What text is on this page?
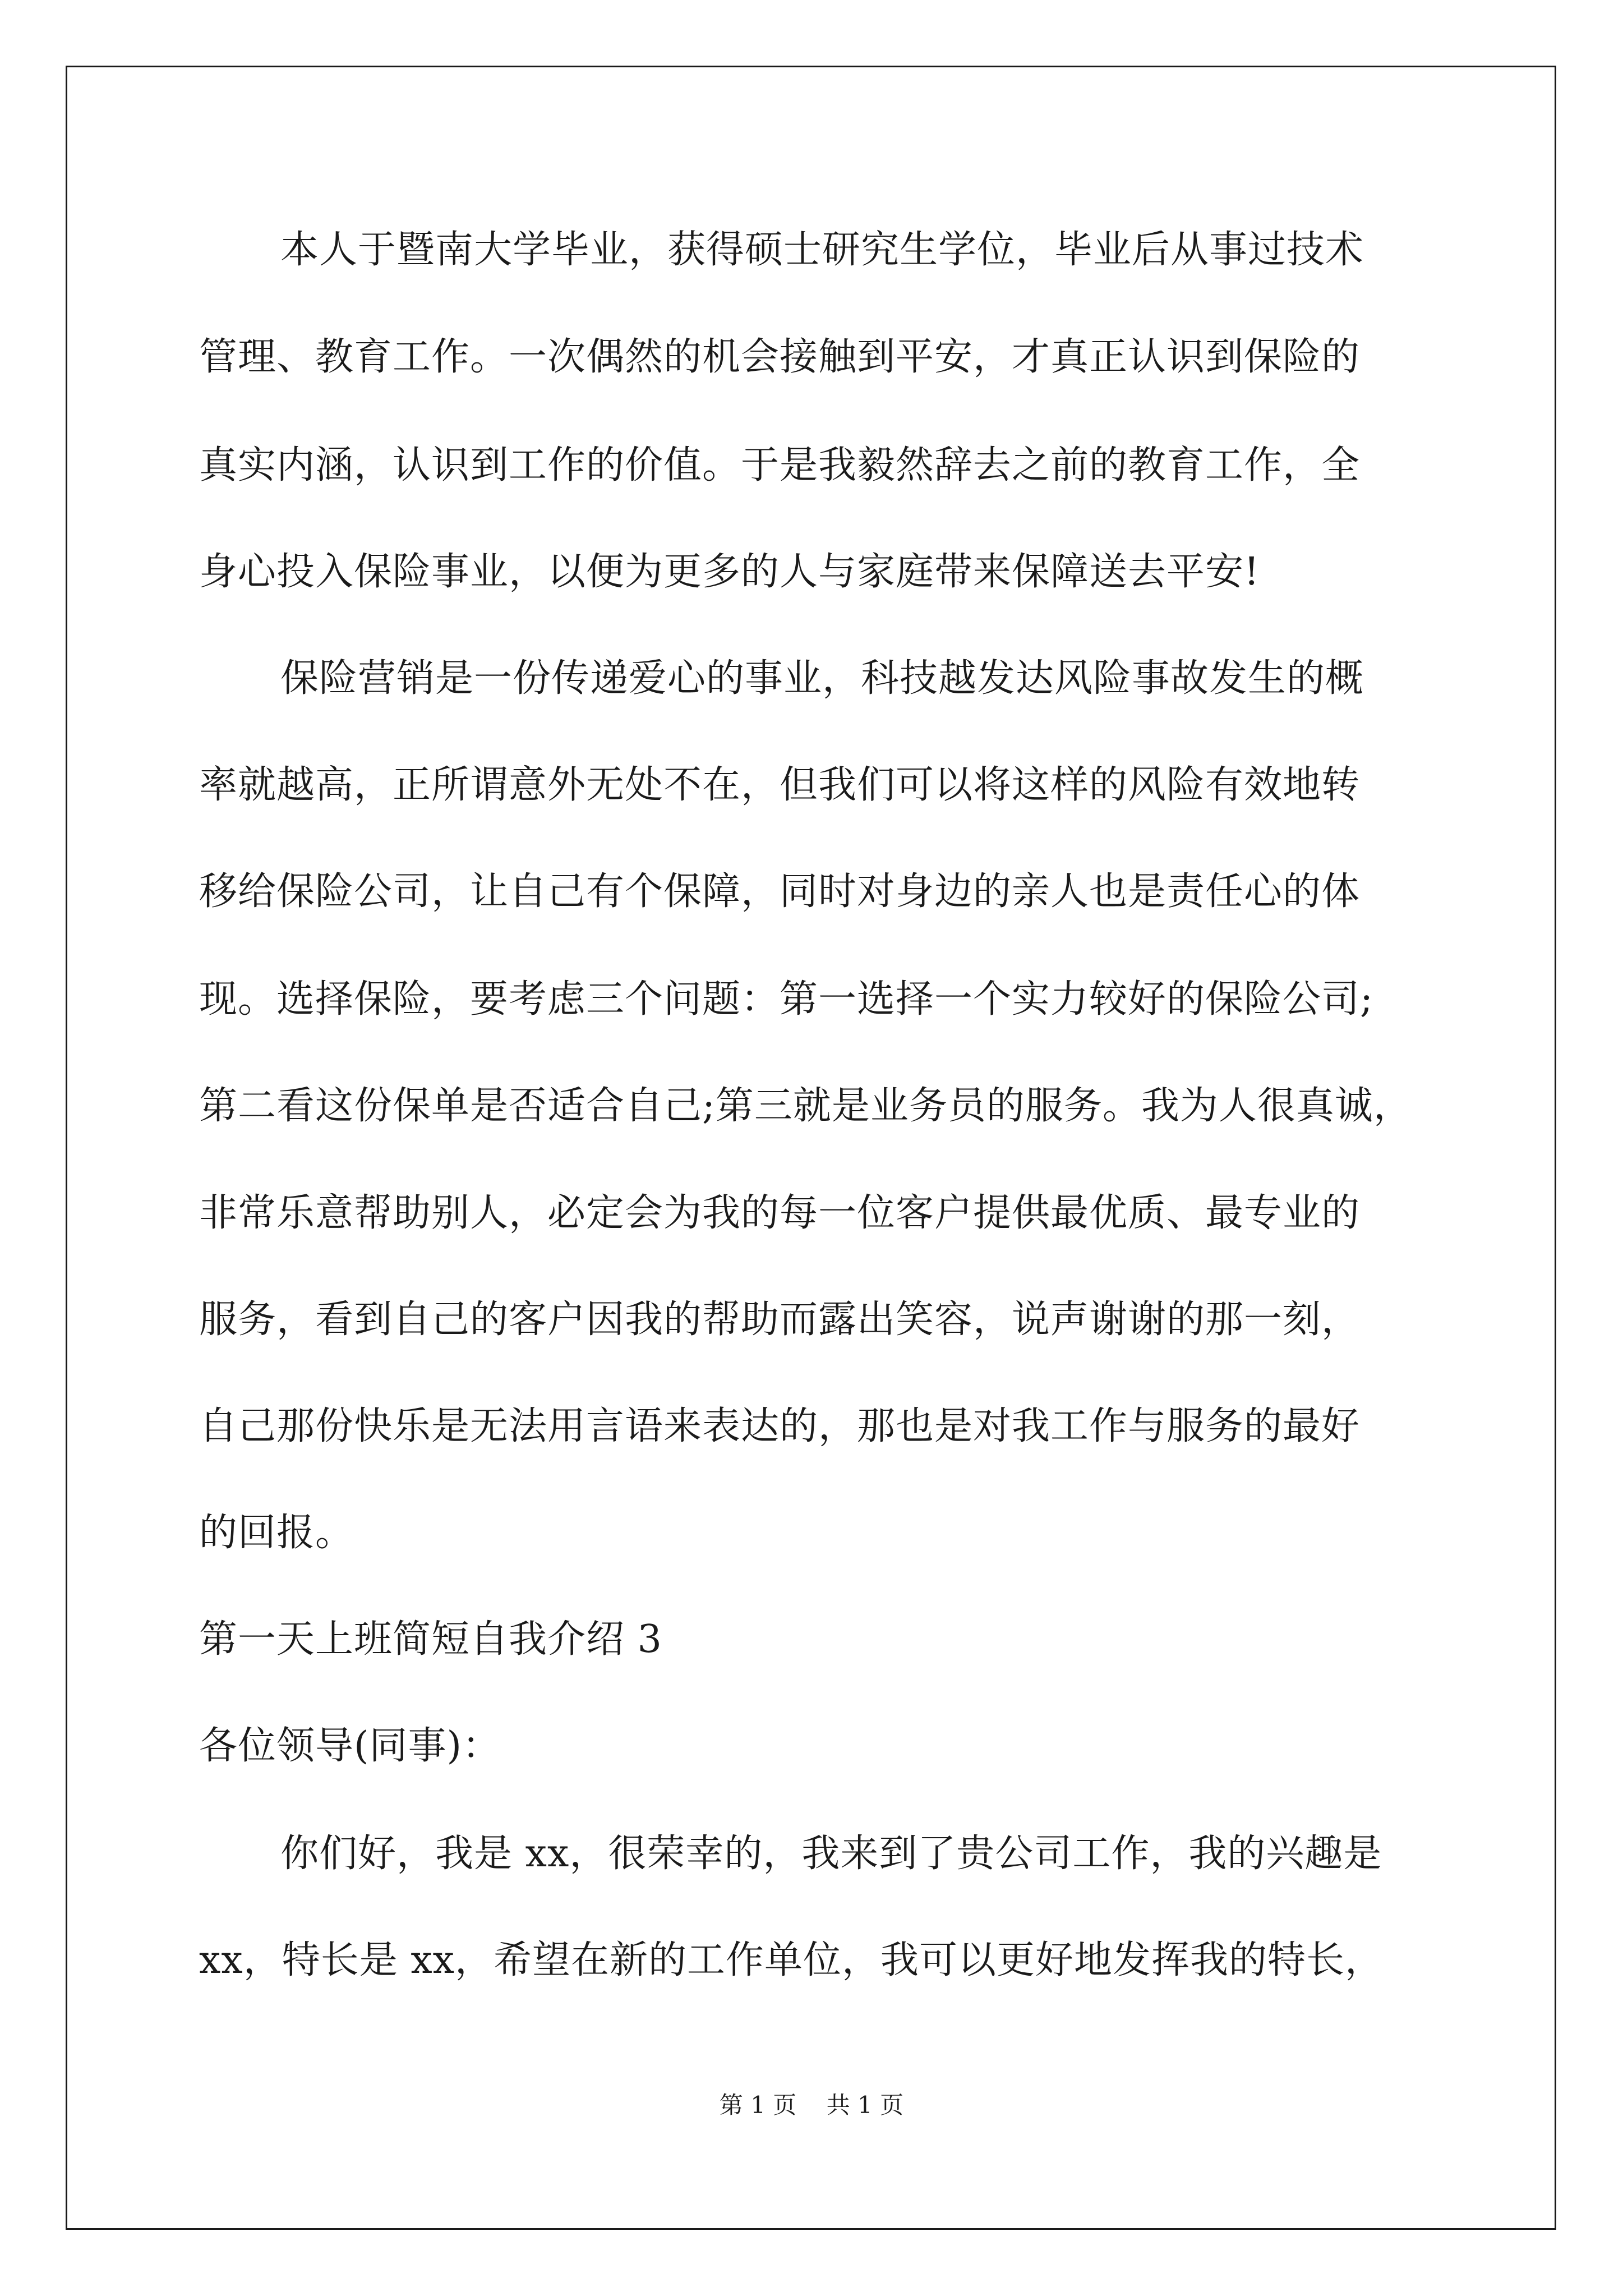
本人于暨南大学毕业，获得硕士研究生学位，毕业后从事过技术
管理、教育工作。一次偶然的机会接触到平安，才真正认识到保险的
真实内涵，认识到工作的价值。于是我毅然辞去之前的教育工作，全
身心投入保险事业，以便为更多的人与家庭带来保障送去平安!
保险营销是一份传递爱心的事业，科技越发达风险事故发生的概
率就越高，正所谓意外无处不在，但我们可以将这样的风险有效地转
移给保险公司，让自己有个保障，同时对身边的亲人也是责任心的体
现。选择保险，要考虑三个问题：第一选择一个实力较好的保险公司;
第二看这份保单是否适合自己;第三就是业务员的服务。我为人很真诚，
非常乐意帮助别人，必定会为我的每一位客户提供最优质、最专业的
服务，看到自己的客户因我的帮助而露出笑容，说声谢谢的那一刻，
自己那份快乐是无法用言语来表达的，那也是对我工作与服务的最好
的回报。
第一天上班简短自我介绍 3
各位领导(同事)：
你们好，我是 xx，很荣幸的，我来到了贵公司工作，我的兴趣是
xx，特长是 xx，希望在新的工作单位，我可以更好地发挥我的特长，
第 1 页    共 1 页
